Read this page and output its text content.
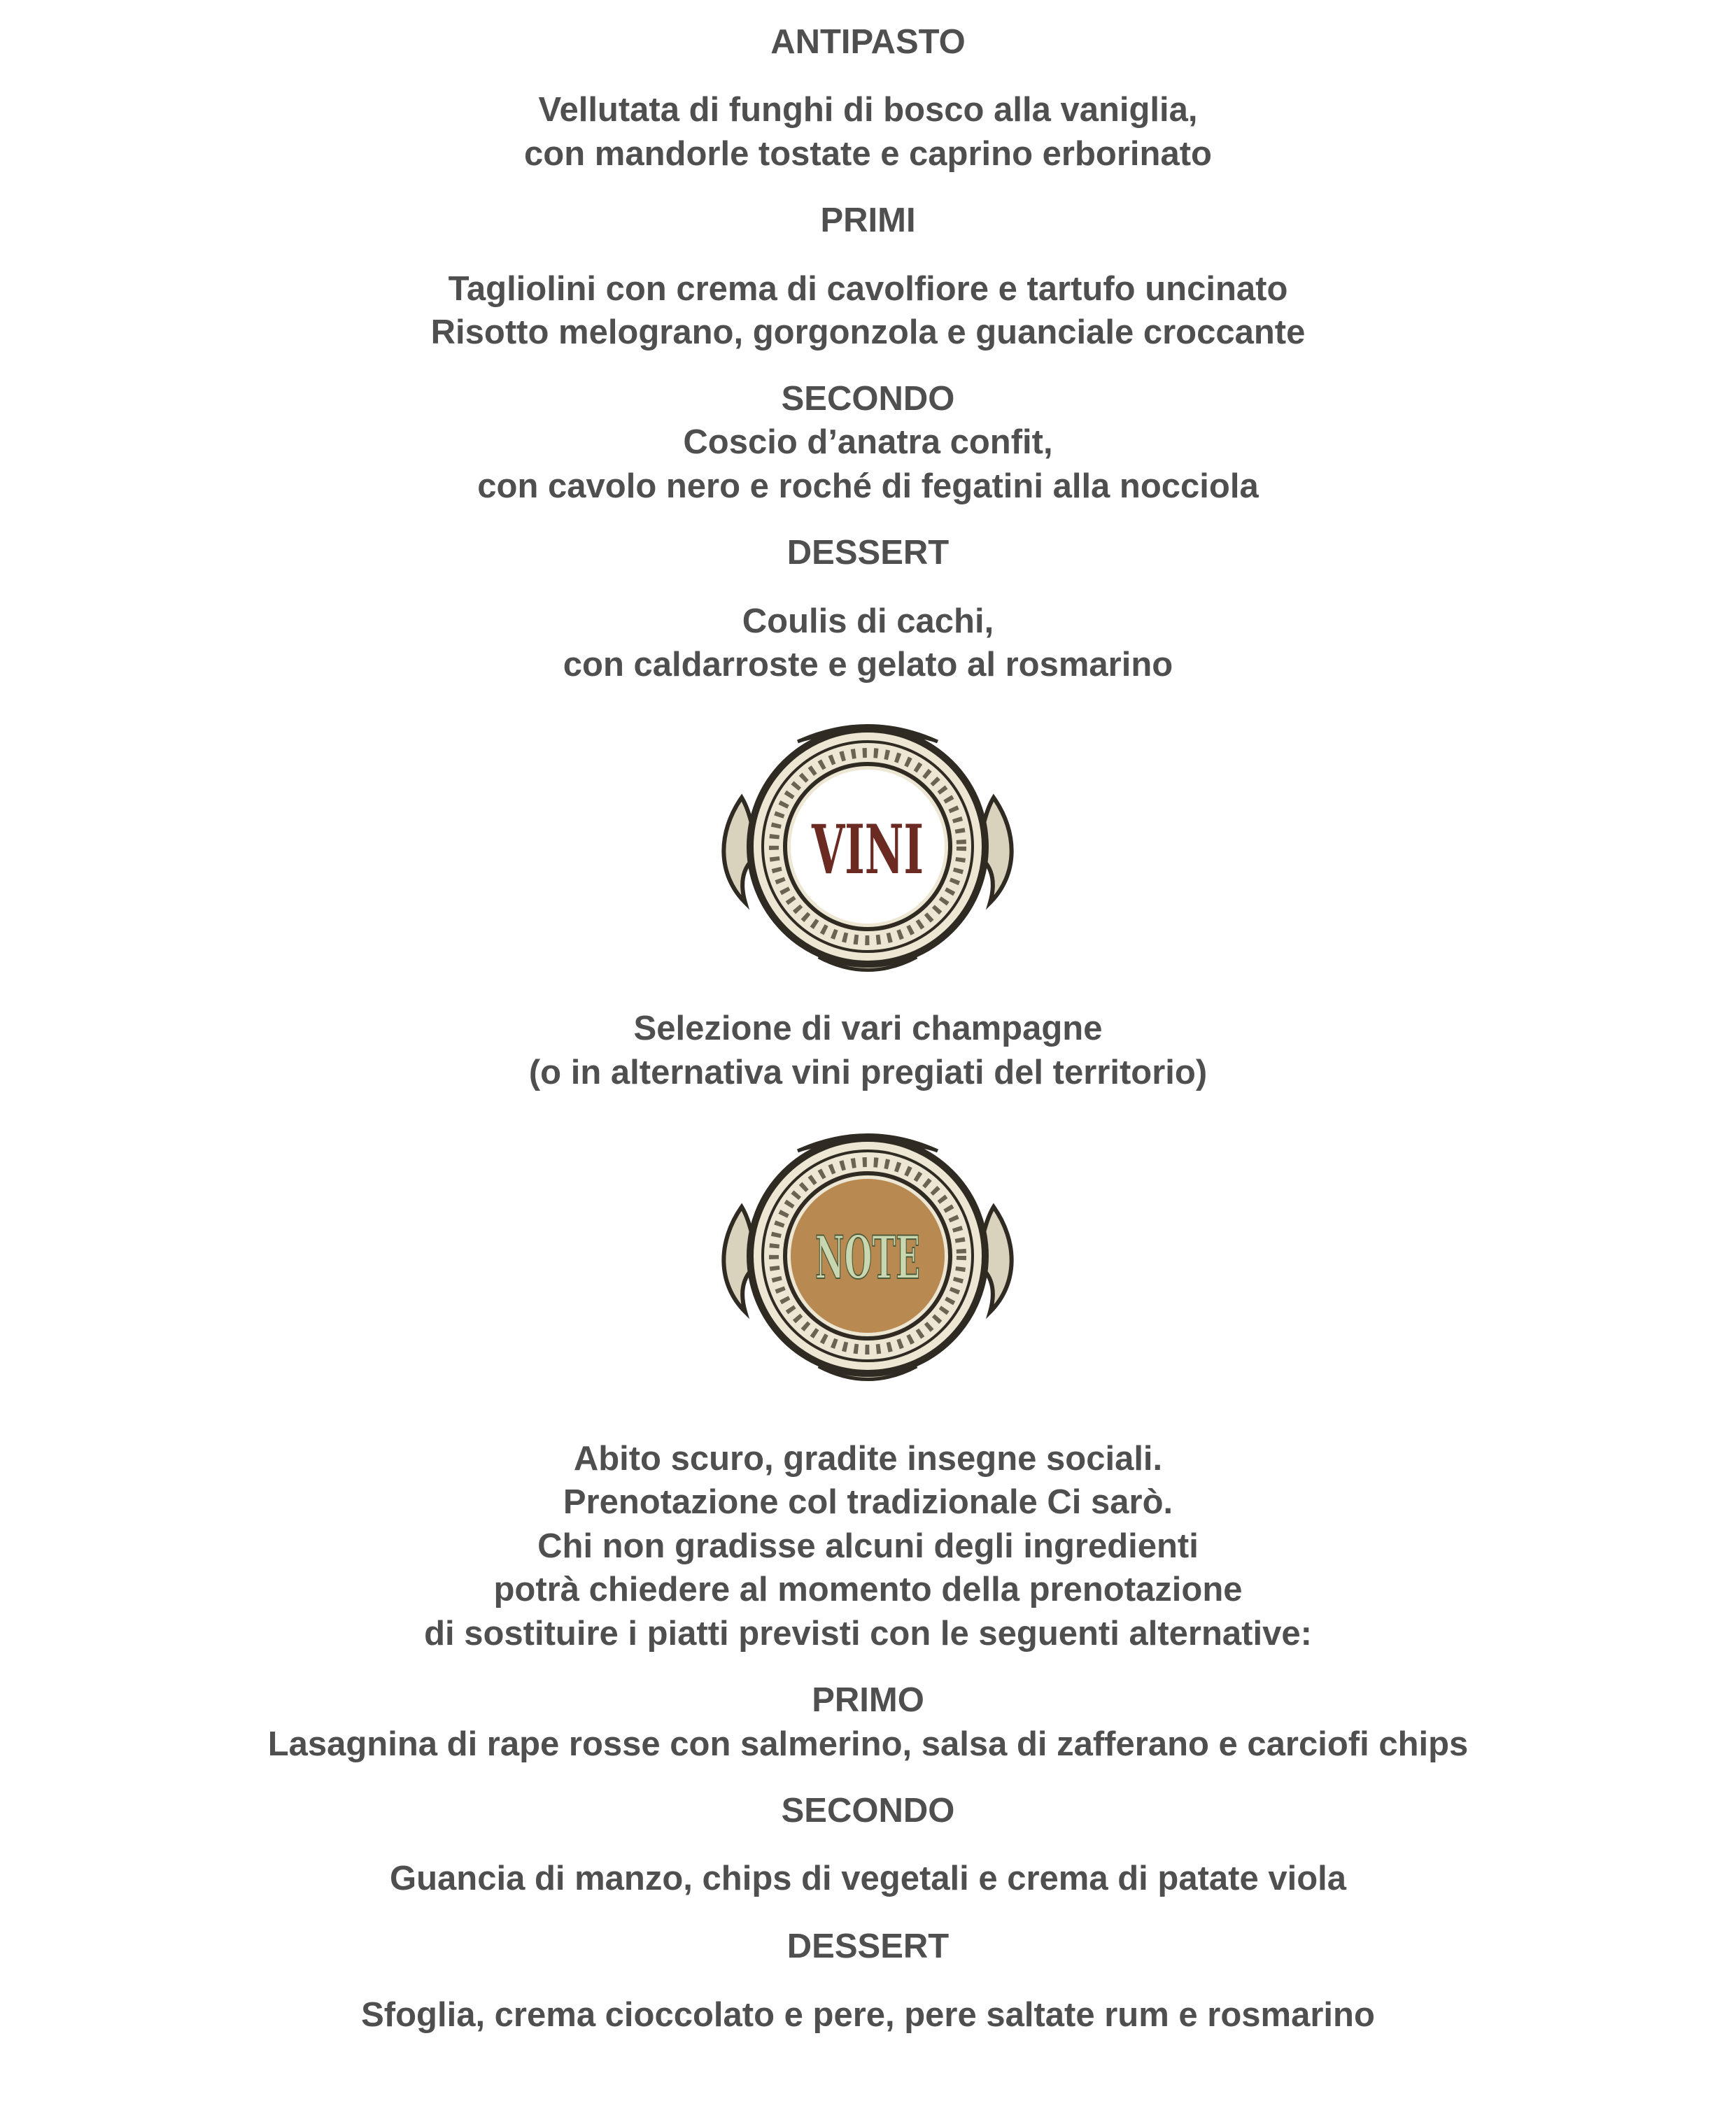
ANTIPASTO
Vellutata di funghi di bosco alla vaniglia,
con mandorle tostate e caprino erborinato
PRIMI
Tagliolini con crema di cavolfiore e tartufo uncinato
Risotto melograno, gorgonzola e guanciale croccante
SECONDO
Coscio d’anatra confit,
con cavolo nero e roché di fegatini alla nocciola
DESSERT
Coulis di cachi,
con caldarroste e gelato al rosmarino
VINI
Selezione di vari champagne
(o in alternativa vini pregiati del territorio)
NOTE
Abito scuro, gradite insegne sociali.
Prenotazione col tradizionale Ci sarò.
Chi non gradisse alcuni degli ingredienti
potrà chiedere al momento della prenotazione
di sostituire i piatti previsti con le seguenti alternative:
PRIMO
Lasagnina di rape rosse con salmerino, salsa di zafferano e carciofi chips
SECONDO
Guancia di manzo, chips di vegetali e crema di patate viola
DESSERT
Sfoglia, crema cioccolato e pere, pere saltate rum e rosmarino
